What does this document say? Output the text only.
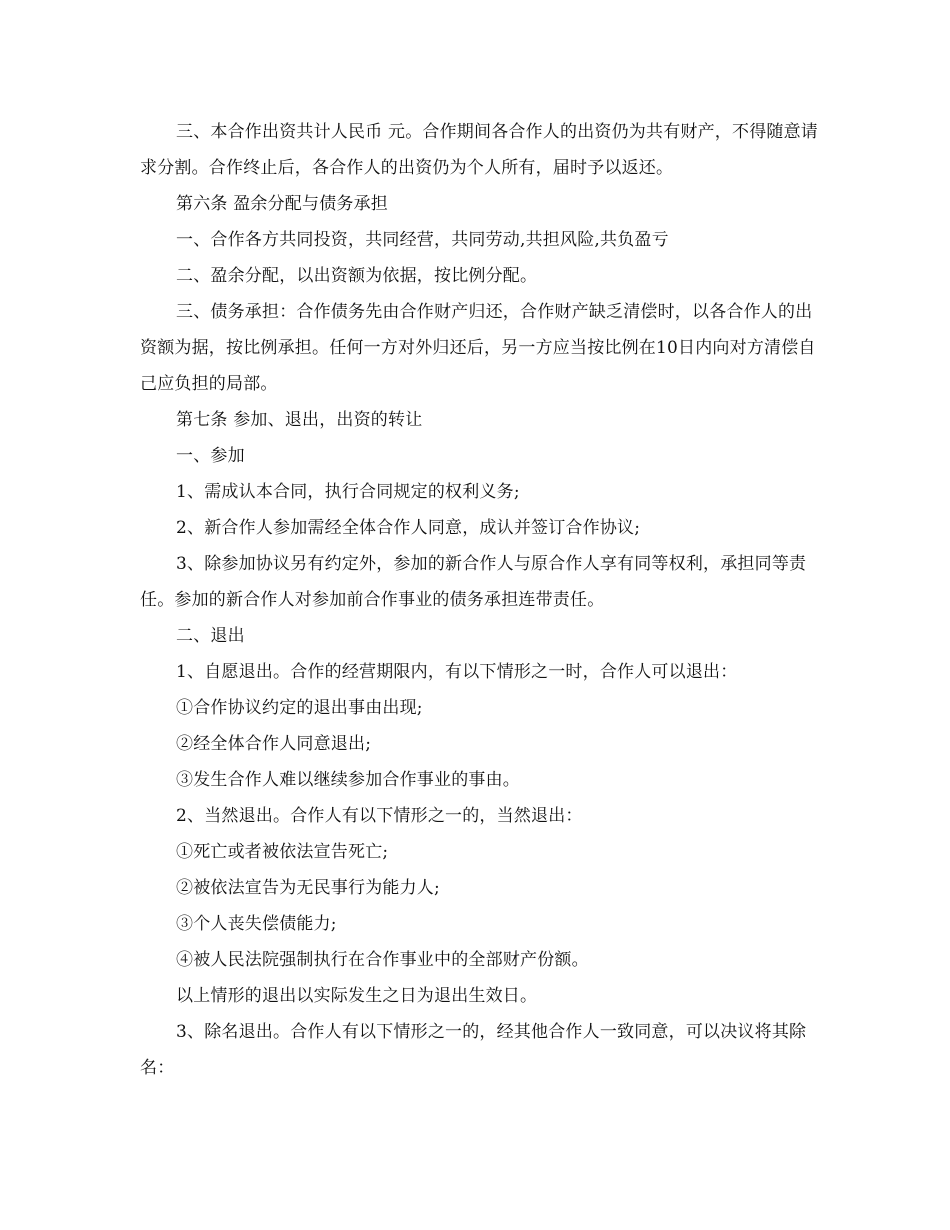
三、本合作出资共计人民币 元。合作期间各合作人的出资仍为共有财产，不得随意请求分割。合作终止后，各合作人的出资仍为个人所有，届时予以返还。

第六条 盈余分配与债务承担

一、合作各方共同投资，共同经营，共同劳动,共担风险,共负盈亏

二、盈余分配，以出资额为依据，按比例分配。

三、债务承担：合作债务先由合作财产归还，合作财产缺乏清偿时，以各合作人的出资额为据，按比例承担。任何一方对外归还后，另一方应当按比例在10日内向对方清偿自己应负担的局部。

第七条 参加、退出，出资的转让

一、参加

1、需成认本合同，执行合同规定的权利义务;

2、新合作人参加需经全体合作人同意，成认并签订合作协议;

3、除参加协议另有约定外，参加的新合作人与原合作人享有同等权利，承担同等责任。参加的新合作人对参加前合作事业的债务承担连带责任。

二、退出

1、自愿退出。合作的经营期限内，有以下情形之一时，合作人可以退出：

①合作协议约定的退出事由出现;

②经全体合作人同意退出;

③发生合作人难以继续参加合作事业的事由。

2、当然退出。合作人有以下情形之一的，当然退出：

①死亡或者被依法宣告死亡;

②被依法宣告为无民事行为能力人;

③个人丧失偿债能力;

④被人民法院强制执行在合作事业中的全部财产份额。

以上情形的退出以实际发生之日为退出生效日。

3、除名退出。合作人有以下情形之一的，经其他合作人一致同意，可以决议将其除名：
